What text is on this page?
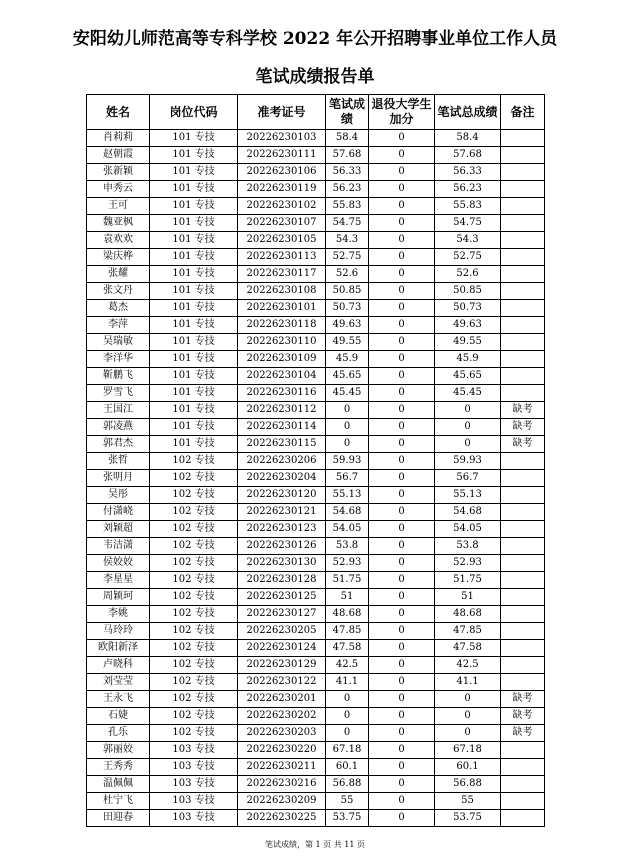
安阳幼儿师范高等专科学校 2022 年公开招聘事业单位工作人员
笔试成绩报告单
姓名	岗位代码	准考证号	笔试成绩	退役大学生加分	笔试总成绩	备注
肖莉莉	101 专技	20226230103	58.4	0	58.4	
赵朝霞	101 专技	20226230111	57.68	0	57.68	
张新颖	101 专技	20226230106	56.33	0	56.33	
申秀云	101 专技	20226230119	56.23	0	56.23	
王可	101 专技	20226230102	55.83	0	55.83	
魏亚枫	101 专技	20226230107	54.75	0	54.75	
袁欢欢	101 专技	20226230105	54.3	0	54.3	
梁庆桦	101 专技	20226230113	52.75	0	52.75	
张耀	101 专技	20226230117	52.6	0	52.6	
张文丹	101 专技	20226230108	50.85	0	50.85	
葛杰	101 专技	20226230101	50.73	0	50.73	
李萍	101 专技	20226230118	49.63	0	49.63	
吴瑞敏	101 专技	20226230110	49.55	0	49.55	
李洋华	101 专技	20226230109	45.9	0	45.9	
靳鹏飞	101 专技	20226230104	45.65	0	45.65	
罗雪飞	101 专技	20226230116	45.45	0	45.45	
王国江	101 专技	20226230112	0	0	0	缺考
郭凌燕	101 专技	20226230114	0	0	0	缺考
郭君杰	101 专技	20226230115	0	0	0	缺考
张哲	102 专技	20226230206	59.93	0	59.93	
张明月	102 专技	20226230204	56.7	0	56.7	
吴彤	102 专技	20226230120	55.13	0	55.13	
付潇峣	102 专技	20226230121	54.68	0	54.68	
刘颖超	102 专技	20226230123	54.05	0	54.05	
韦洁潇	102 专技	20226230126	53.8	0	53.8	
侯姣姣	102 专技	20226230130	52.93	0	52.93	
李星星	102 专技	20226230128	51.75	0	51.75	
周颖珂	102 专技	20226230125	51	0	51	
李姚	102 专技	20226230127	48.68	0	48.68	
马玲玲	102 专技	20226230205	47.85	0	47.85	
欧阳新泽	102 专技	20226230124	47.58	0	47.58	
卢晓科	102 专技	20226230129	42.5	0	42.5	
刘莹莹	102 专技	20226230122	41.1	0	41.1	
王永飞	102 专技	20226230201	0	0	0	缺考
石婕	102 专技	20226230202	0	0	0	缺考
孔乐	102 专技	20226230203	0	0	0	缺考
郭丽姣	103 专技	20226230220	67.18	0	67.18	
王秀秀	103 专技	20226230211	60.1	0	60.1	
温佩佩	103 专技	20226230216	56.88	0	56.88	
杜宁飞	103 专技	20226230209	55	0	55	
田迎春	103 专技	20226230225	53.75	0	53.75	
笔试成绩，第 1 页 共 11 页
